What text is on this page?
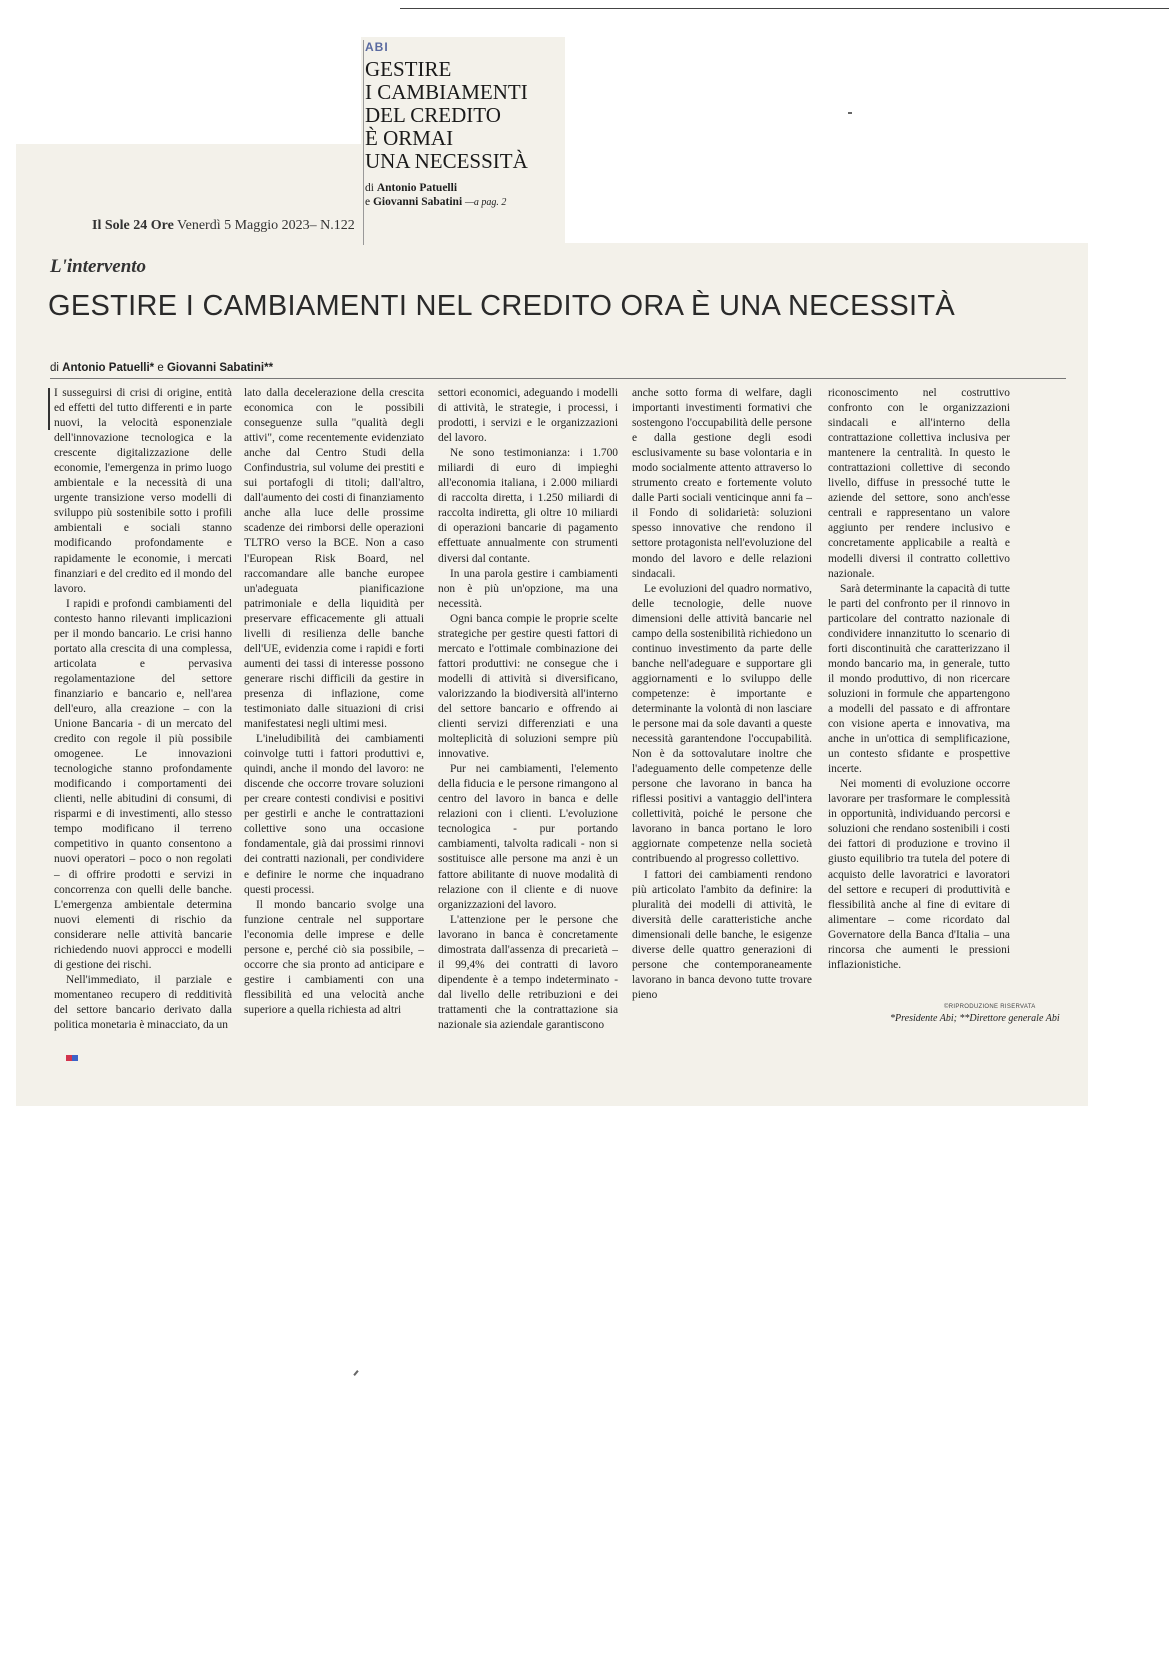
ABI
GESTIRE
I CAMBIAMENTI
DEL CREDITO
È ORMAI
UNA NECESSITÀ
di Antonio Patuelli
e Giovanni Sabatini —a pag. 2
Il Sole 24 Ore Venerdì 5 Maggio 2023– N.122
L'intervento
GESTIRE I CAMBIAMENTI NEL CREDITO ORA È UNA NECESSITÀ
di Antonio Patuelli* e Giovanni Sabatini**

I susseguirsi di crisi di origine, entità ed effetti del tutto differenti e in parte nuovi, la velocità esponenziale dell'innovazione tecnologica e la crescente digitalizzazione delle economie, l'emergenza in primo luogo ambientale e la necessità di una urgente transizione verso modelli di sviluppo più sostenibile sotto i profili ambientali e sociali stanno modificando profondamente e rapidamente le economie, i mercati finanziari e del credito ed il mondo del lavoro.

I rapidi e profondi cambiamenti del contesto hanno rilevanti implicazioni per il mondo bancario. Le crisi hanno portato alla crescita di una complessa, articolata e pervasiva regolamentazione del settore finanziario e bancario e, nell'area dell'euro, alla creazione – con la Unione Bancaria - di un mercato del credito con regole il più possibile omogenee. Le innovazioni tecnologiche stanno profondamente modificando i comportamenti dei clienti, nelle abitudini di consumi, di risparmi e di investimenti, allo stesso tempo modificano il terreno competitivo in quanto consentono a nuovi operatori – poco o non regolati – di offrire prodotti e servizi in concorrenza con quelli delle banche. L'emergenza ambientale determina nuovi elementi di rischio da considerare nelle attività bancarie richiedendo nuovi approcci e modelli di gestione dei rischi.

Nell'immediato, il parziale e momentaneo recupero di redditività del settore bancario derivato dalla politica monetaria è minacciato, da un

lato dalla decelerazione della crescita economica con le possibili conseguenze sulla "qualità degli attivi", come recentemente evidenziato anche dal Centro Studi della Confindustria, sul volume dei prestiti e sui portafogli di titoli; dall'altro, dall'aumento dei costi di finanziamento anche alla luce delle prossime scadenze dei rimborsi delle operazioni TLTRO verso la BCE. Non a caso l'European Risk Board, nel raccomandare alle banche europee un'adeguata pianificazione patrimoniale e della liquidità per preservare efficacemente gli attuali livelli di resilienza delle banche dell'UE, evidenzia come i rapidi e forti aumenti dei tassi di interesse possono generare rischi difficili da gestire in presenza di inflazione, come testimoniato dalle situazioni di crisi manifestatesi negli ultimi mesi.

L'ineludibilità dei cambiamenti coinvolge tutti i fattori produttivi e, quindi, anche il mondo del lavoro: ne discende che occorre trovare soluzioni per creare contesti condivisi e positivi per gestirli e anche le contrattazioni collettive sono una occasione fondamentale, già dai prossimi rinnovi dei contratti nazionali, per condividere e definire le norme che inquadrano questi processi.

Il mondo bancario svolge una funzione centrale nel supportare l'economia delle imprese e delle persone e, perché ciò sia possibile, – occorre che sia pronto ad anticipare e gestire i cambiamenti con una flessibilità ed una velocità anche superiore a quella richiesta ad altri

settori economici, adeguando i modelli di attività, le strategie, i processi, i prodotti, i servizi e le organizzazioni del lavoro.

Ne sono testimonianza: i 1.700 miliardi di euro di impieghi all'economia italiana, i 2.000 miliardi di raccolta diretta, i 1.250 miliardi di raccolta indiretta, gli oltre 10 miliardi di operazioni bancarie di pagamento effettuate annualmente con strumenti diversi dal contante.

In una parola gestire i cambiamenti non è più un'opzione, ma una necessità.

Ogni banca compie le proprie scelte strategiche per gestire questi fattori di mercato e l'ottimale combinazione dei fattori produttivi: ne consegue che i modelli di attività si diversificano, valorizzando la biodiversità all'interno del settore bancario e offrendo ai clienti servizi differenziati e una molteplicità di soluzioni sempre più innovative.

Pur nei cambiamenti, l'elemento della fiducia e le persone rimangono al centro del lavoro in banca e delle relazioni con i clienti. L'evoluzione tecnologica - pur portando cambiamenti, talvolta radicali - non si sostituisce alle persone ma anzi è un fattore abilitante di nuove modalità di relazione con il cliente e di nuove organizzazioni del lavoro.

L'attenzione per le persone che lavorano in banca è concretamente dimostrata dall'assenza di precarietà – il 99,4% dei contratti di lavoro dipendente è a tempo indeterminato - dal livello delle retribuzioni e dei trattamenti che la contrattazione sia nazionale sia aziendale garantiscono

anche sotto forma di welfare, dagli importanti investimenti formativi che sostengono l'occupabilità delle persone e dalla gestione degli esodi esclusivamente su base volontaria e in modo socialmente attento attraverso lo strumento creato e fortemente voluto dalle Parti sociali venticinque anni fa – il Fondo di solidarietà: soluzioni spesso innovative che rendono il settore protagonista nell'evoluzione del mondo del lavoro e delle relazioni sindacali.

Le evoluzioni del quadro normativo, delle tecnologie, delle nuove dimensioni delle attività bancarie nel campo della sostenibilità richiedono un continuo investimento da parte delle banche nell'adeguare e supportare gli aggiornamenti e lo sviluppo delle competenze: è importante e determinante la volontà di non lasciare le persone mai da sole davanti a queste necessità garantendone l'occupabilità. Non è da sottovalutare inoltre che l'adeguamento delle competenze delle persone che lavorano in banca ha riflessi positivi a vantaggio dell'intera collettività, poiché le persone che lavorano in banca portano le loro aggiornate competenze nella società contribuendo al progresso collettivo.

I fattori dei cambiamenti rendono più articolato l'ambito da definire: la pluralità dei modelli di attività, le diversità delle caratteristiche anche dimensionali delle banche, le esigenze diverse delle quattro generazioni di persone che contemporaneamente lavorano in banca devono tutte trovare pieno

riconoscimento nel costruttivo confronto con le organizzazioni sindacali e all'interno della contrattazione collettiva inclusiva per mantenere la centralità. In questo le contrattazioni collettive di secondo livello, diffuse in pressoché tutte le aziende del settore, sono anch'esse centrali e rappresentano un valore aggiunto per rendere inclusivo e concretamente applicabile a realtà e modelli diversi il contratto collettivo nazionale.

Sarà determinante la capacità di tutte le parti del confronto per il rinnovo in particolare del contratto nazionale di condividere innanzitutto lo scenario di forti discontinuità che caratterizzano il mondo bancario ma, in generale, tutto il mondo produttivo, di non ricercare soluzioni in formule che appartengono a modelli del passato e di affrontare con visione aperta e innovativa, ma anche in un'ottica di semplificazione, un contesto sfidante e prospettive incerte.

Nei momenti di evoluzione occorre lavorare per trasformare le complessità in opportunità, individuando percorsi e soluzioni che rendano sostenibili i costi dei fattori di produzione e trovino il giusto equilibrio tra tutela del potere di acquisto delle lavoratrici e lavoratori del settore e recuperi di produttività e flessibilità anche al fine di evitare di alimentare – come ricordato dal Governatore della Banca d'Italia – una rincorsa che aumenti le pressioni inflazionistiche.

©RIPRODUZIONE RISERVATA
*Presidente Abi; **Direttore generale Abi
